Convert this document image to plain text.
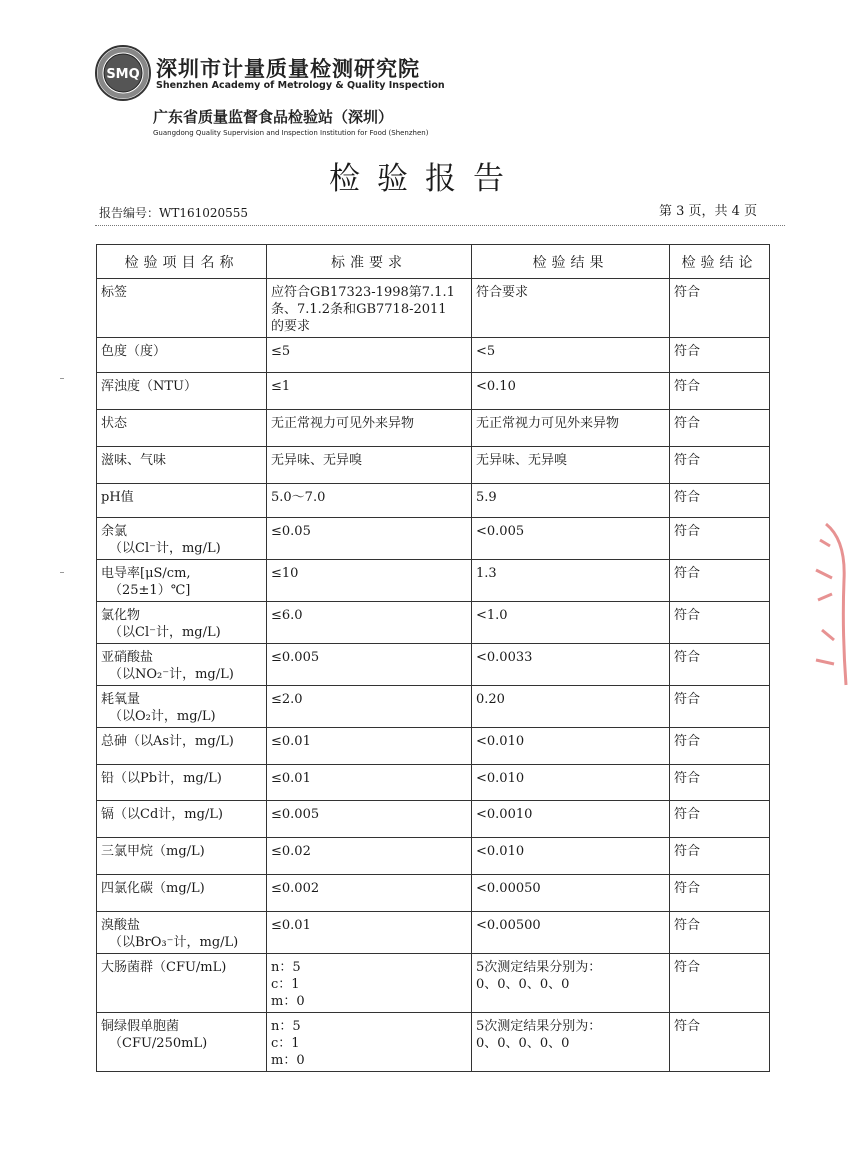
SMQ 深圳市计量质量检测研究院
Shenzhen Academy of Metrology & Quality Inspection
广东省质量监督食品检验站（深圳）
Guangdong Quality Supervision and Inspection Institution for Food (Shenzhen)
检验报告
报告编号：WT161020555	第 3 页，共 4 页
检验项目名称	标准要求	检验结果	检验结论

标签	应符合GB17323-1998第7.1.1
条、7.1.2条和GB7718-2011
的要求	符合要求	符合

色度（度）	≤5	<5	符合

浑浊度（NTU）	≤1	<0.10	符合

状态	无正常视力可见外来异物	无正常视力可见外来异物	符合

滋味、气味	无异味、无异嗅	无异味、无异嗅	符合

pH值	5.0～7.0	5.9	符合

余氯
（以Cl⁻计，mg/L)	≤0.05	<0.005	符合

电导率[μS/cm,
（25±1）℃]	≤10	1.3	符合

氯化物
（以Cl⁻计，mg/L)	≤6.0	<1.0	符合

亚硝酸盐
（以NO₂⁻计，mg/L)	≤0.005	<0.0033	符合

耗氧量
（以O₂计，mg/L)	≤2.0	0.20	符合

总砷（以As计，mg/L)	≤0.01	<0.010	符合

铅（以Pb计，mg/L)	≤0.01	<0.010	符合

镉（以Cd计，mg/L)	≤0.005	<0.0010	符合

三氯甲烷（mg/L)	≤0.02	<0.010	符合

四氯化碳（mg/L)	≤0.002	<0.00050	符合

溴酸盐
（以BrO₃⁻计，mg/L)	≤0.01	<0.00500	符合

大肠菌群（CFU/mL)	n：5
c：1
m：0	5次测定结果分别为：
0、0、0、0、0	符合

铜绿假单胞菌
（CFU/250mL)	n：5
c：1
m：0	5次测定结果分别为：
0、0、0、0、0	符合
